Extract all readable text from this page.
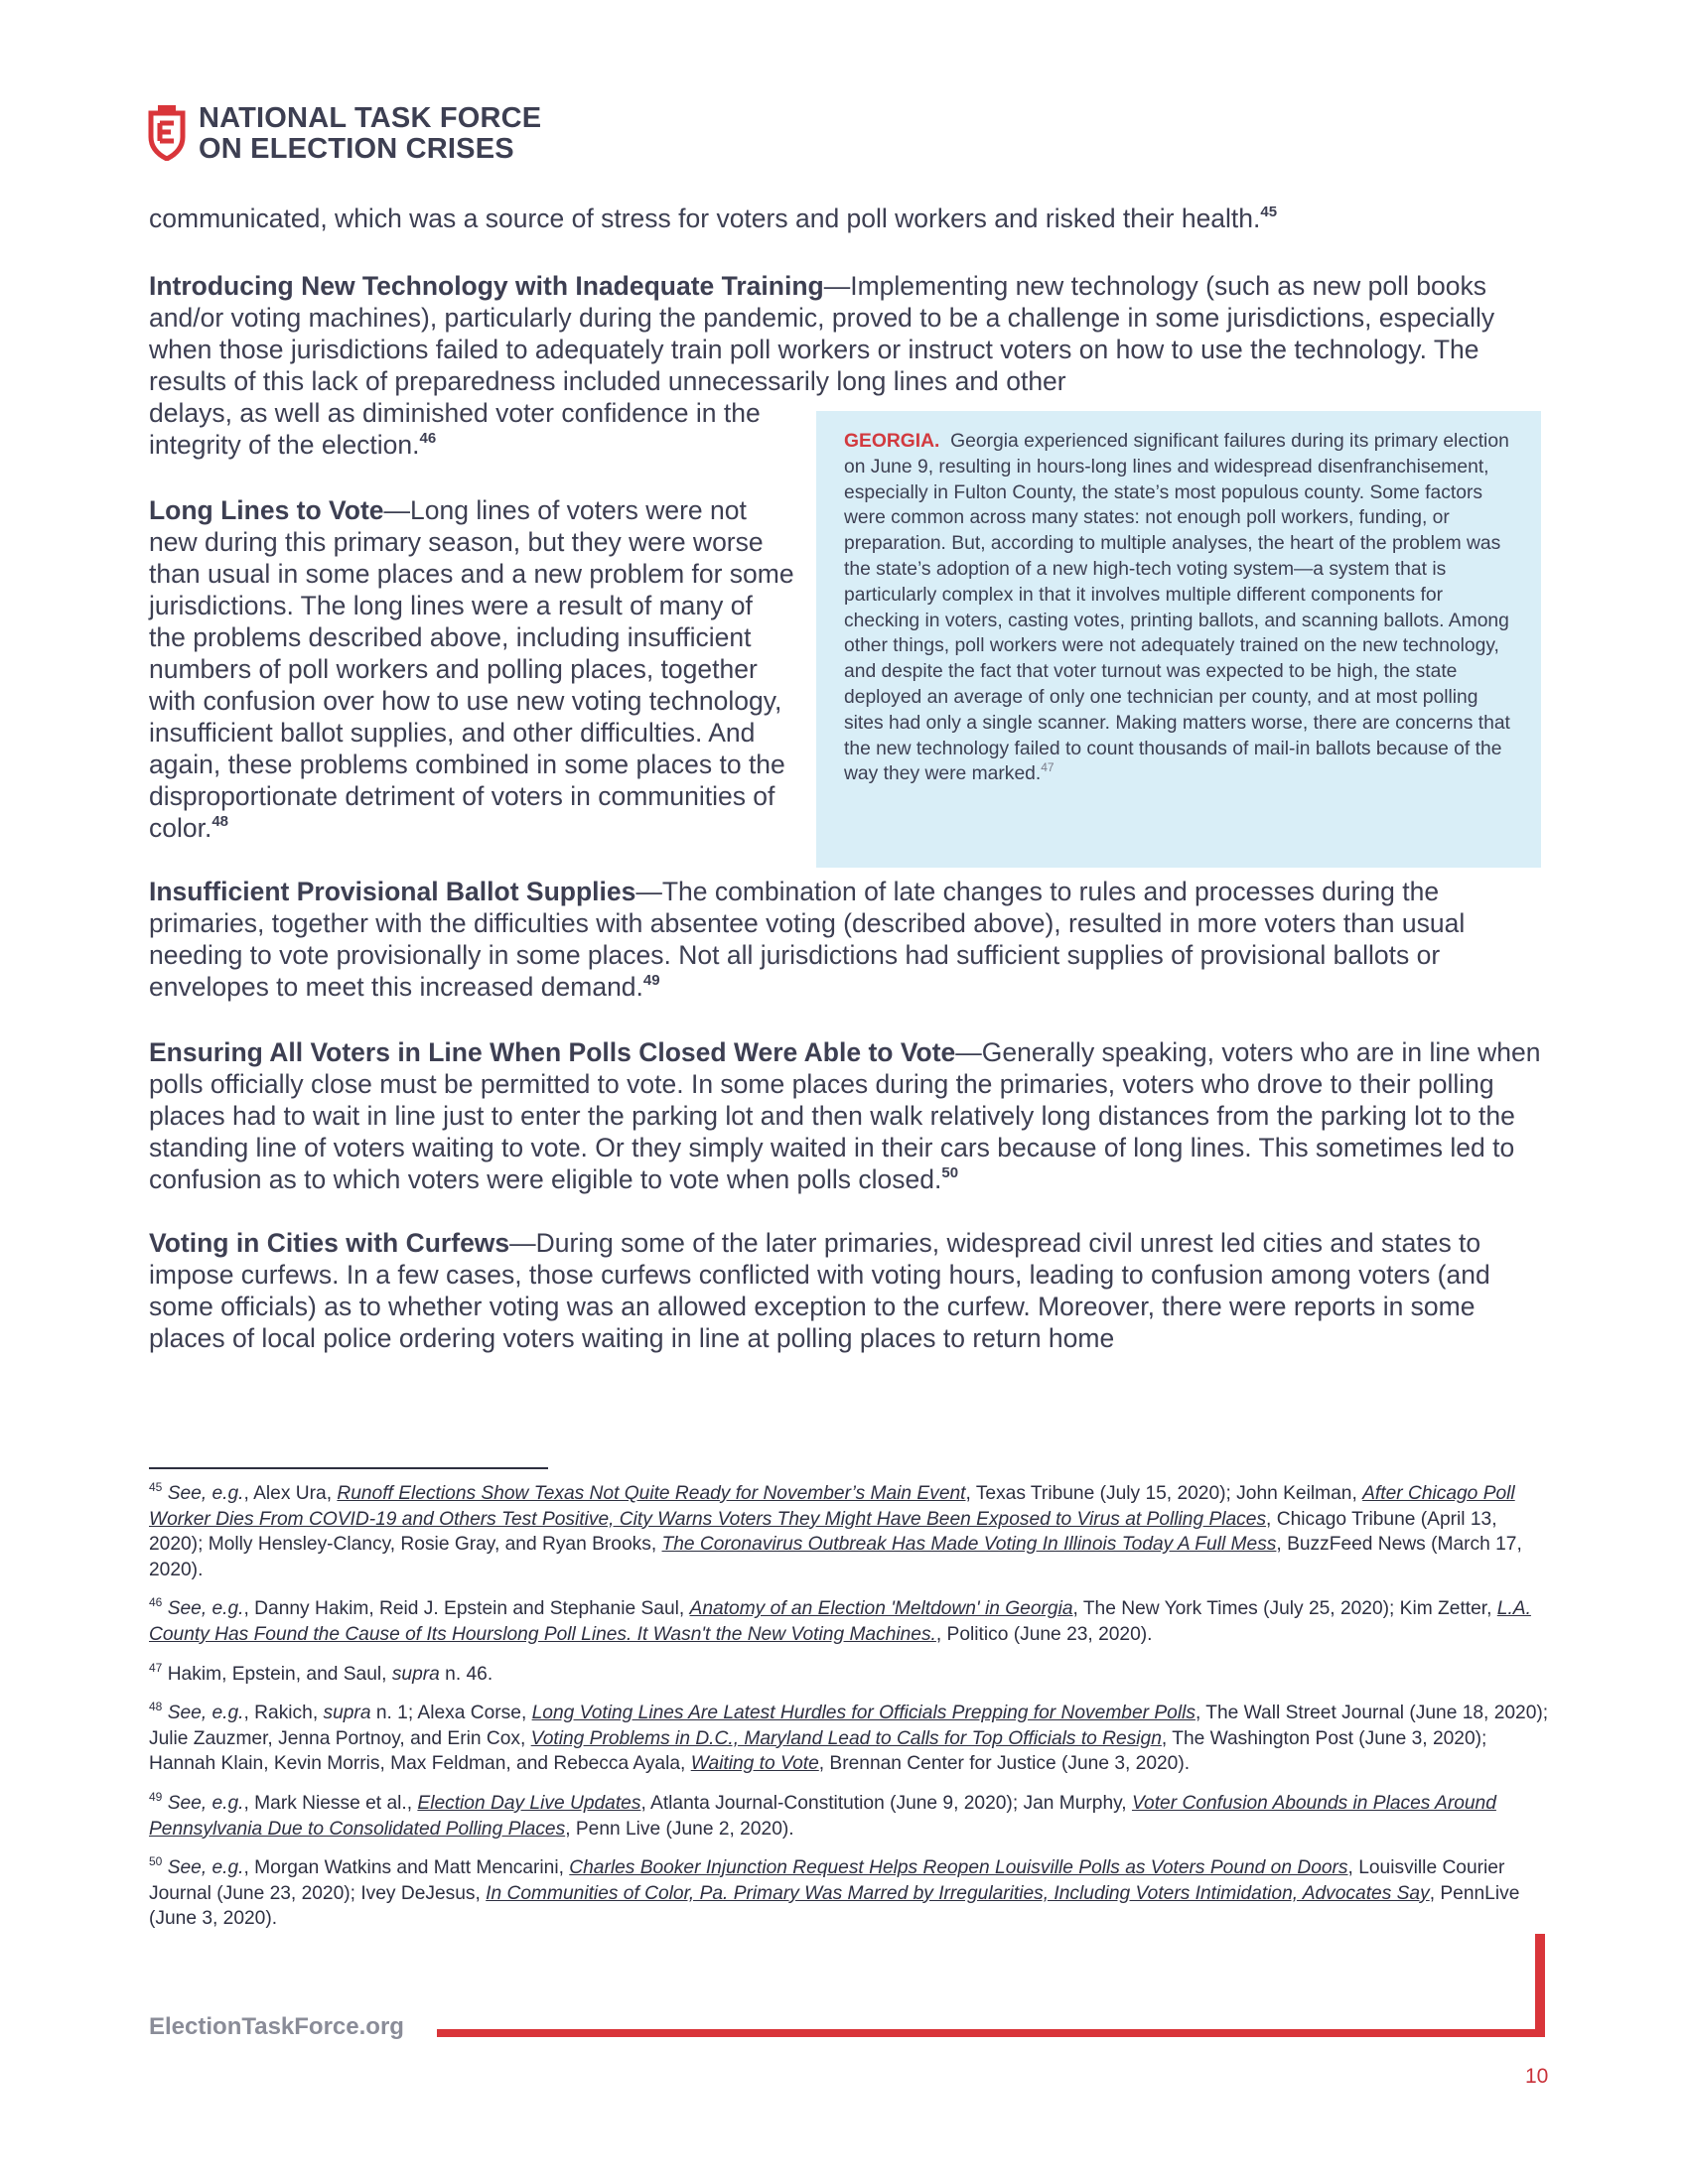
NATIONAL TASK FORCE
ON ELECTION CRISES

communicated, which was a source of stress for voters and poll workers and risked their health.$^{45}$

Introducing New Technology with Inadequate Training—Implementing new technology (such as new poll books and/or voting machines), particularly during the pandemic, proved to be a challenge in some jurisdictions, especially when those jurisdictions failed to adequately train poll workers or instruct voters on how to use the technology. The results of this lack of preparedness included unnecessarily long lines and other

delays, as well as diminished voter confidence in the integrity of the election.$^{46}$

Long Lines to Vote—Long lines of voters were not new during this primary season, but they were worse than usual in some places and a new problem for some jurisdictions. The long lines were a result of many of the problems described above, including insufficient numbers of poll workers and polling places, together with confusion over how to use new voting technology, insufficient ballot supplies, and other difficulties. And again, these problems combined in some places to the disproportionate detriment of voters in communities of color.$^{48}$

GEORGIA. Georgia experienced significant failures during its primary election on June 9, resulting in hours-long lines and widespread disenfranchisement, especially in Fulton County, the state’s most populous county. Some factors were common across many states: not enough poll workers, funding, or preparation. But, according to multiple analyses, the heart of the problem was the state’s adoption of a new high-tech voting system—a system that is particularly complex in that it involves multiple different components for checking in voters, casting votes, printing ballots, and scanning ballots. Among other things, poll workers were not adequately trained on the new technology, and despite the fact that voter turnout was expected to be high, the state deployed an average of only one technician per county, and at most polling sites had only a single scanner. Making matters worse, there are concerns that the new technology failed to count thousands of mail-in ballots because of the way they were marked.$^{47}$

Insufficient Provisional Ballot Supplies—The combination of late changes to rules and processes during the primaries, together with the difficulties with absentee voting (described above), resulted in more voters than usual needing to vote provisionally in some places. Not all jurisdictions had sufficient supplies of provisional ballots or envelopes to meet this increased demand.$^{49}$

Ensuring All Voters in Line When Polls Closed Were Able to Vote—Generally speaking, voters who are in line when polls officially close must be permitted to vote. In some places during the primaries, voters who drove to their polling places had to wait in line just to enter the parking lot and then walk relatively long distances from the parking lot to the standing line of voters waiting to vote. Or they simply waited in their cars because of long lines. This sometimes led to confusion as to which voters were eligible to vote when polls closed.$^{50}$

Voting in Cities with Curfews—During some of the later primaries, widespread civil unrest led cities and states to impose curfews. In a few cases, those curfews conflicted with voting hours, leading to confusion among voters (and some officials) as to whether voting was an allowed exception to the curfew. Moreover, there were reports in some places of local police ordering voters waiting in line at polling places to return home

$^{45}$ See, e.g., Alex Ura, Runoff Elections Show Texas Not Quite Ready for November’s Main Event, Texas Tribune (July 15, 2020); John Keilman, After Chicago Poll Worker Dies From COVID-19 and Others Test Positive, City Warns Voters They Might Have Been Exposed to Virus at Polling Places, Chicago Tribune (April 13, 2020); Molly Hensley-Clancy, Rosie Gray, and Ryan Brooks, The Coronavirus Outbreak Has Made Voting In Illinois Today A Full Mess, BuzzFeed News (March 17, 2020).

$^{46}$ See, e.g., Danny Hakim, Reid J. Epstein and Stephanie Saul, Anatomy of an Election 'Meltdown' in Georgia, The New York Times (July 25, 2020); Kim Zetter, L.A. County Has Found the Cause of Its Hourslong Poll Lines. It Wasn't the New Voting Machines., Politico (June 23, 2020).

$^{47}$ Hakim, Epstein, and Saul, supra n. 46.

$^{48}$ See, e.g., Rakich, supra n. 1; Alexa Corse, Long Voting Lines Are Latest Hurdles for Officials Prepping for November Polls, The Wall Street Journal (June 18, 2020); Julie Zauzmer, Jenna Portnoy, and Erin Cox, Voting Problems in D.C., Maryland Lead to Calls for Top Officials to Resign, The Washington Post (June 3, 2020); Hannah Klain, Kevin Morris, Max Feldman, and Rebecca Ayala, Waiting to Vote, Brennan Center for Justice (June 3, 2020).

$^{49}$ See, e.g., Mark Niesse et al., Election Day Live Updates, Atlanta Journal-Constitution (June 9, 2020); Jan Murphy, Voter Confusion Abounds in Places Around Pennsylvania Due to Consolidated Polling Places, Penn Live (June 2, 2020).

$^{50}$ See, e.g., Morgan Watkins and Matt Mencarini, Charles Booker Injunction Request Helps Reopen Louisville Polls as Voters Pound on Doors, Louisville Courier Journal (June 23, 2020); Ivey DeJesus, In Communities of Color, Pa. Primary Was Marred by Irregularities, Including Voters Intimidation, Advocates Say, PennLive (June 3, 2020).

ElectionTaskForce.org
10
